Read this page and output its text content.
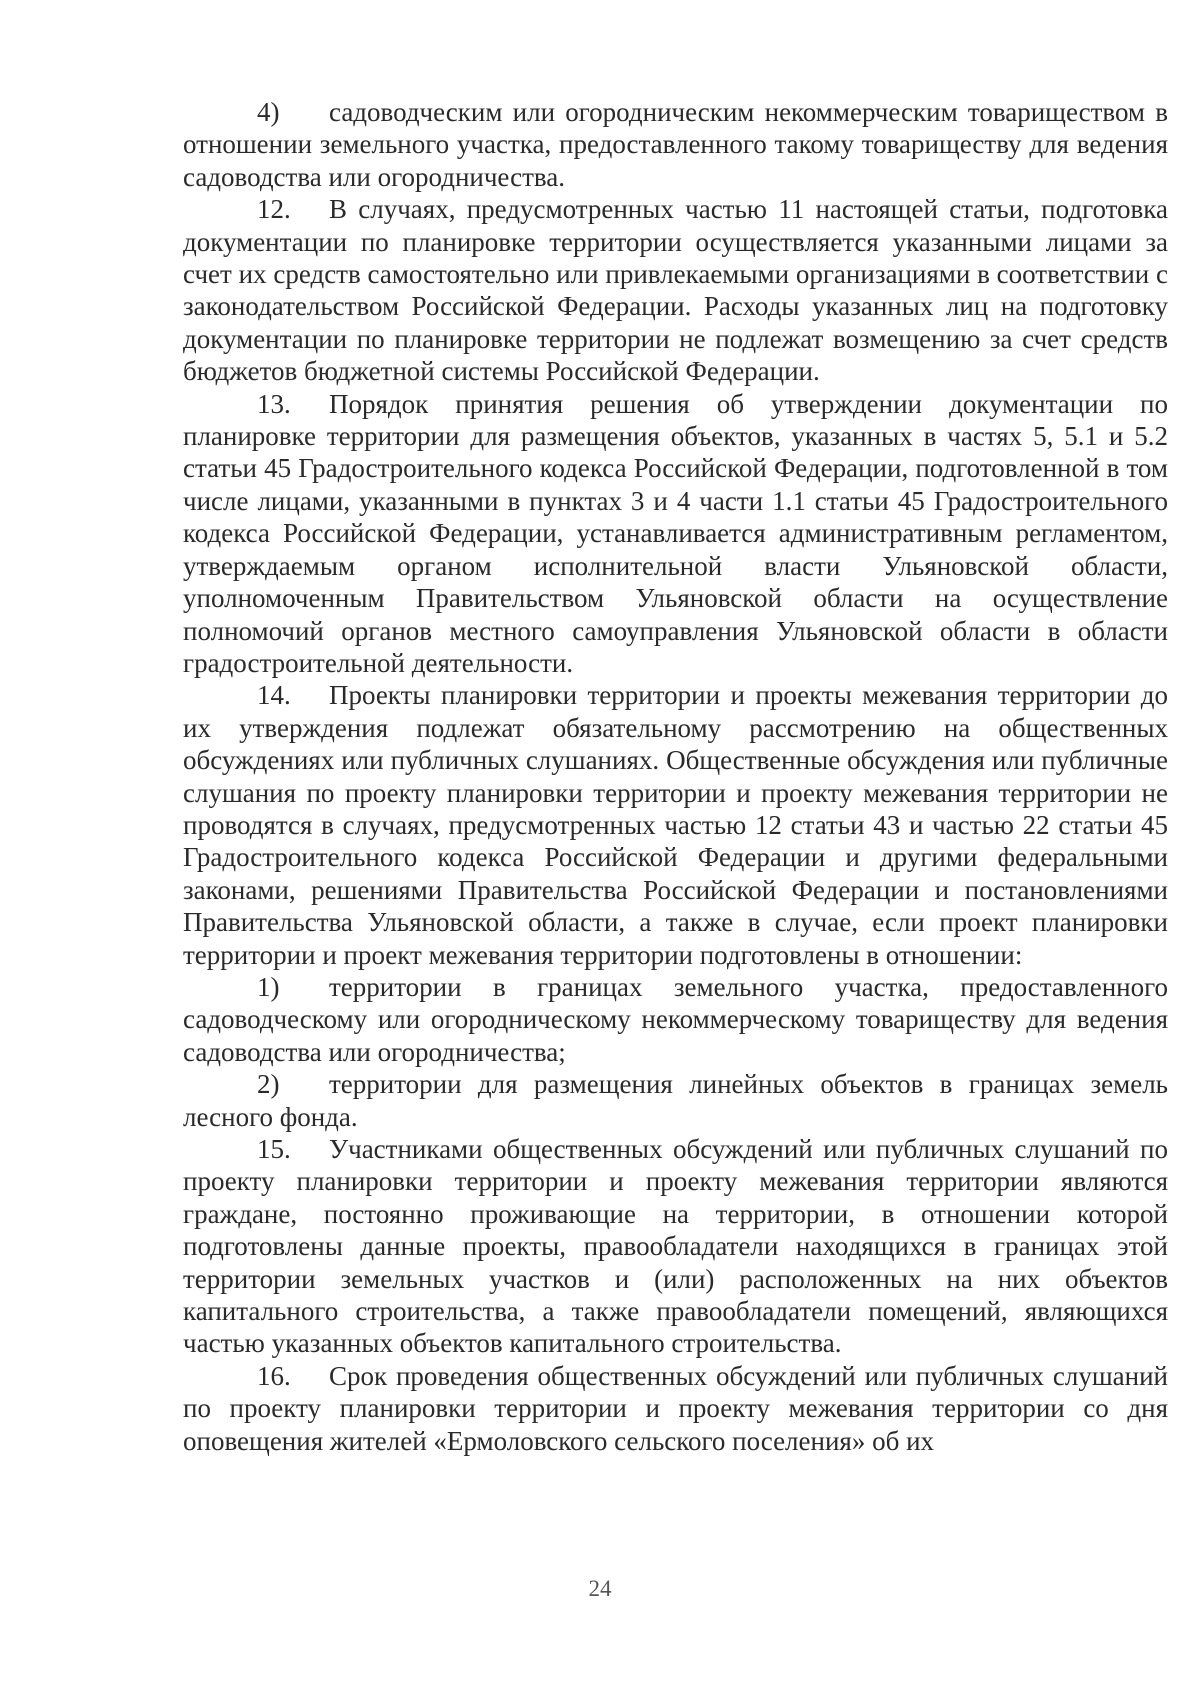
4) садоводческим или огородническим некоммерческим товариществом в отношении земельного участка, предоставленного такому товариществу для ведения садоводства или огородничества.

12. В случаях, предусмотренных частью 11 настоящей статьи, подготовка документации по планировке территории осуществляется указанными лицами за счет их средств самостоятельно или привлекаемыми организациями в соответствии с законодательством Российской Федерации. Расходы указанных лиц на подготовку документации по планировке территории не подлежат возмещению за счет средств бюджетов бюджетной системы Российской Федерации.

13. Порядок принятия решения об утверждении документации по планировке территории для размещения объектов, указанных в частях 5, 5.1 и 5.2 статьи 45 Градостроительного кодекса Российской Федерации, подготовленной в том числе лицами, указанными в пунктах 3 и 4 части 1.1 статьи 45 Градостроительного кодекса Российской Федерации, устанавливается административным регламентом, утверждаемым органом исполнительной власти Ульяновской области, уполномоченным Правительством Ульяновской области на осуществление полномочий органов местного самоуправления Ульяновской области в области градостроительной деятельности.

14. Проекты планировки территории и проекты межевания территории до их утверждения подлежат обязательному рассмотрению на общественных обсуждениях или публичных слушаниях. Общественные обсуждения или публичные слушания по проекту планировки территории и проекту межевания территории не проводятся в случаях, предусмотренных частью 12 статьи 43 и частью 22 статьи 45 Градостроительного кодекса Российской Федерации и другими федеральными законами, решениями Правительства Российской Федерации и постановлениями Правительства Ульяновской области, а также в случае, если проект планировки территории и проект межевания территории подготовлены в отношении:

1) территории в границах земельного участка, предоставленного садоводческому или огородническому некоммерческому товариществу для ведения садоводства или огородничества;

2) территории для размещения линейных объектов в границах земель лесного фонда.

15. Участниками общественных обсуждений или публичных слушаний по проекту планировки территории и проекту межевания территории являются граждане, постоянно проживающие на территории, в отношении которой подготовлены данные проекты, правообладатели находящихся в границах этой территории земельных участков и (или) расположенных на них объектов капитального строительства, а также правообладатели помещений, являющихся частью указанных объектов капитального строительства.

16. Срок проведения общественных обсуждений или публичных слушаний по проекту планировки территории и проекту межевания территории со дня оповещения жителей «Ермоловского сельского поселения» об их

24
